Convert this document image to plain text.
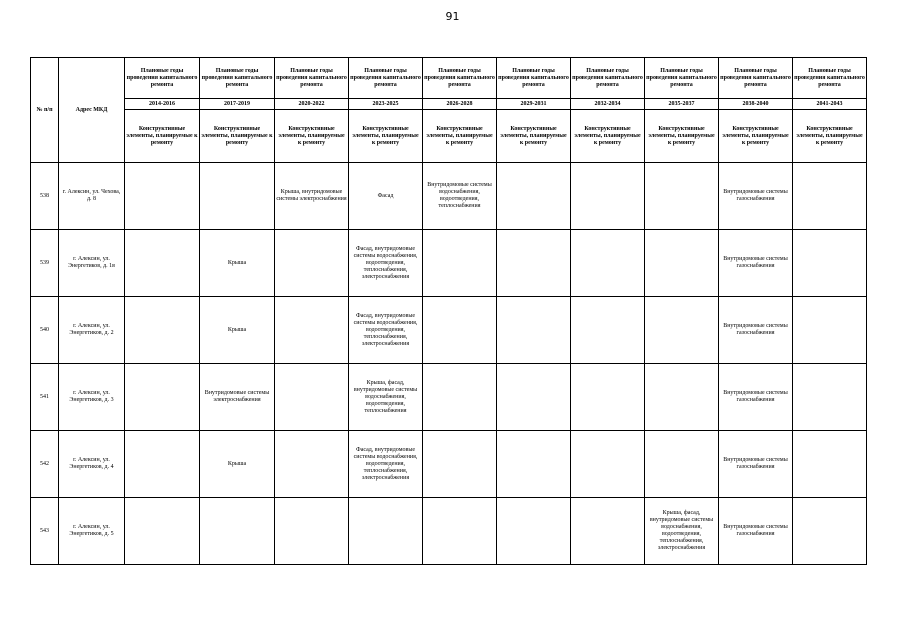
91
№ п/п	Адрес МКД	Плановые годы проведения капитального ремонта	Плановые годы проведения капитального ремонта	Плановые годы проведения капитального ремонта	Плановые годы проведения капитального ремонта	Плановые годы проведения капитального ремонта	Плановые годы проведения капитального ремонта	Плановые годы проведения капитального ремонта	Плановые годы проведения капитального ремонта	Плановые годы проведения капитального ремонта	Плановые годы проведения капитального ремонта
		2014-2016	2017-2019	2020-2022	2023-2025	2026-2028	2029-2031	2032-2034	2035-2037	2038-2040	2041-2043
		Конструктивные элементы, планируемые к ремонту	Конструктивные элементы, планируемые к ремонту	Конструктивные элементы, планируемые к ремонту	Конструктивные элементы, планируемые к ремонту	Конструктивные элементы, планируемые к ремонту	Конструктивные элементы, планируемые к ремонту	Конструктивные элементы, планируемые к ремонту	Конструктивные элементы, планируемые к ремонту	Конструктивные элементы, планируемые к ремонту	Конструктивные элементы, планируемые к ремонту
538	г. Алексин, ул. Чехова, д. 8			Крыша, внутридомовые системы электроснабжения	Фасад	Внутридомовые системы водоснабжения, водоотведения, теплоснабжения				Внутридомовые системы газоснабжения	
539	г. Алексин, ул. Энергетиков, д. 1в		Крыша		Фасад, внутридомовые системы водоснабжения, водоотведения, теплоснабжения, электроснабжения					Внутридомовые системы газоснабжения	
540	г. Алексин, ул. Энергетиков, д. 2		Крыша		Фасад, внутридомовые системы водоснабжения, водоотведения, теплоснабжения, электроснабжения					Внутридомовые системы газоснабжения	
541	г. Алексин, ул. Энергетиков, д. 3		Внутридомовые системы электроснабжения		Крыша, фасад, внутридомовые системы водоснабжения, водоотведения, теплоснабжения					Внутридомовые системы газоснабжения	
542	г. Алексин, ул. Энергетиков, д. 4		Крыша		Фасад, внутридомовые системы водоснабжения, водоотведения, теплоснабжения, электроснабжения					Внутридомовые системы газоснабжения	
543	г. Алексин, ул. Энергетиков, д. 5								Крыша, фасад, внутридомовые системы водоснабжения, водоотведения, теплоснабжения, электроснабжения	Внутридомовые системы газоснабжения	
